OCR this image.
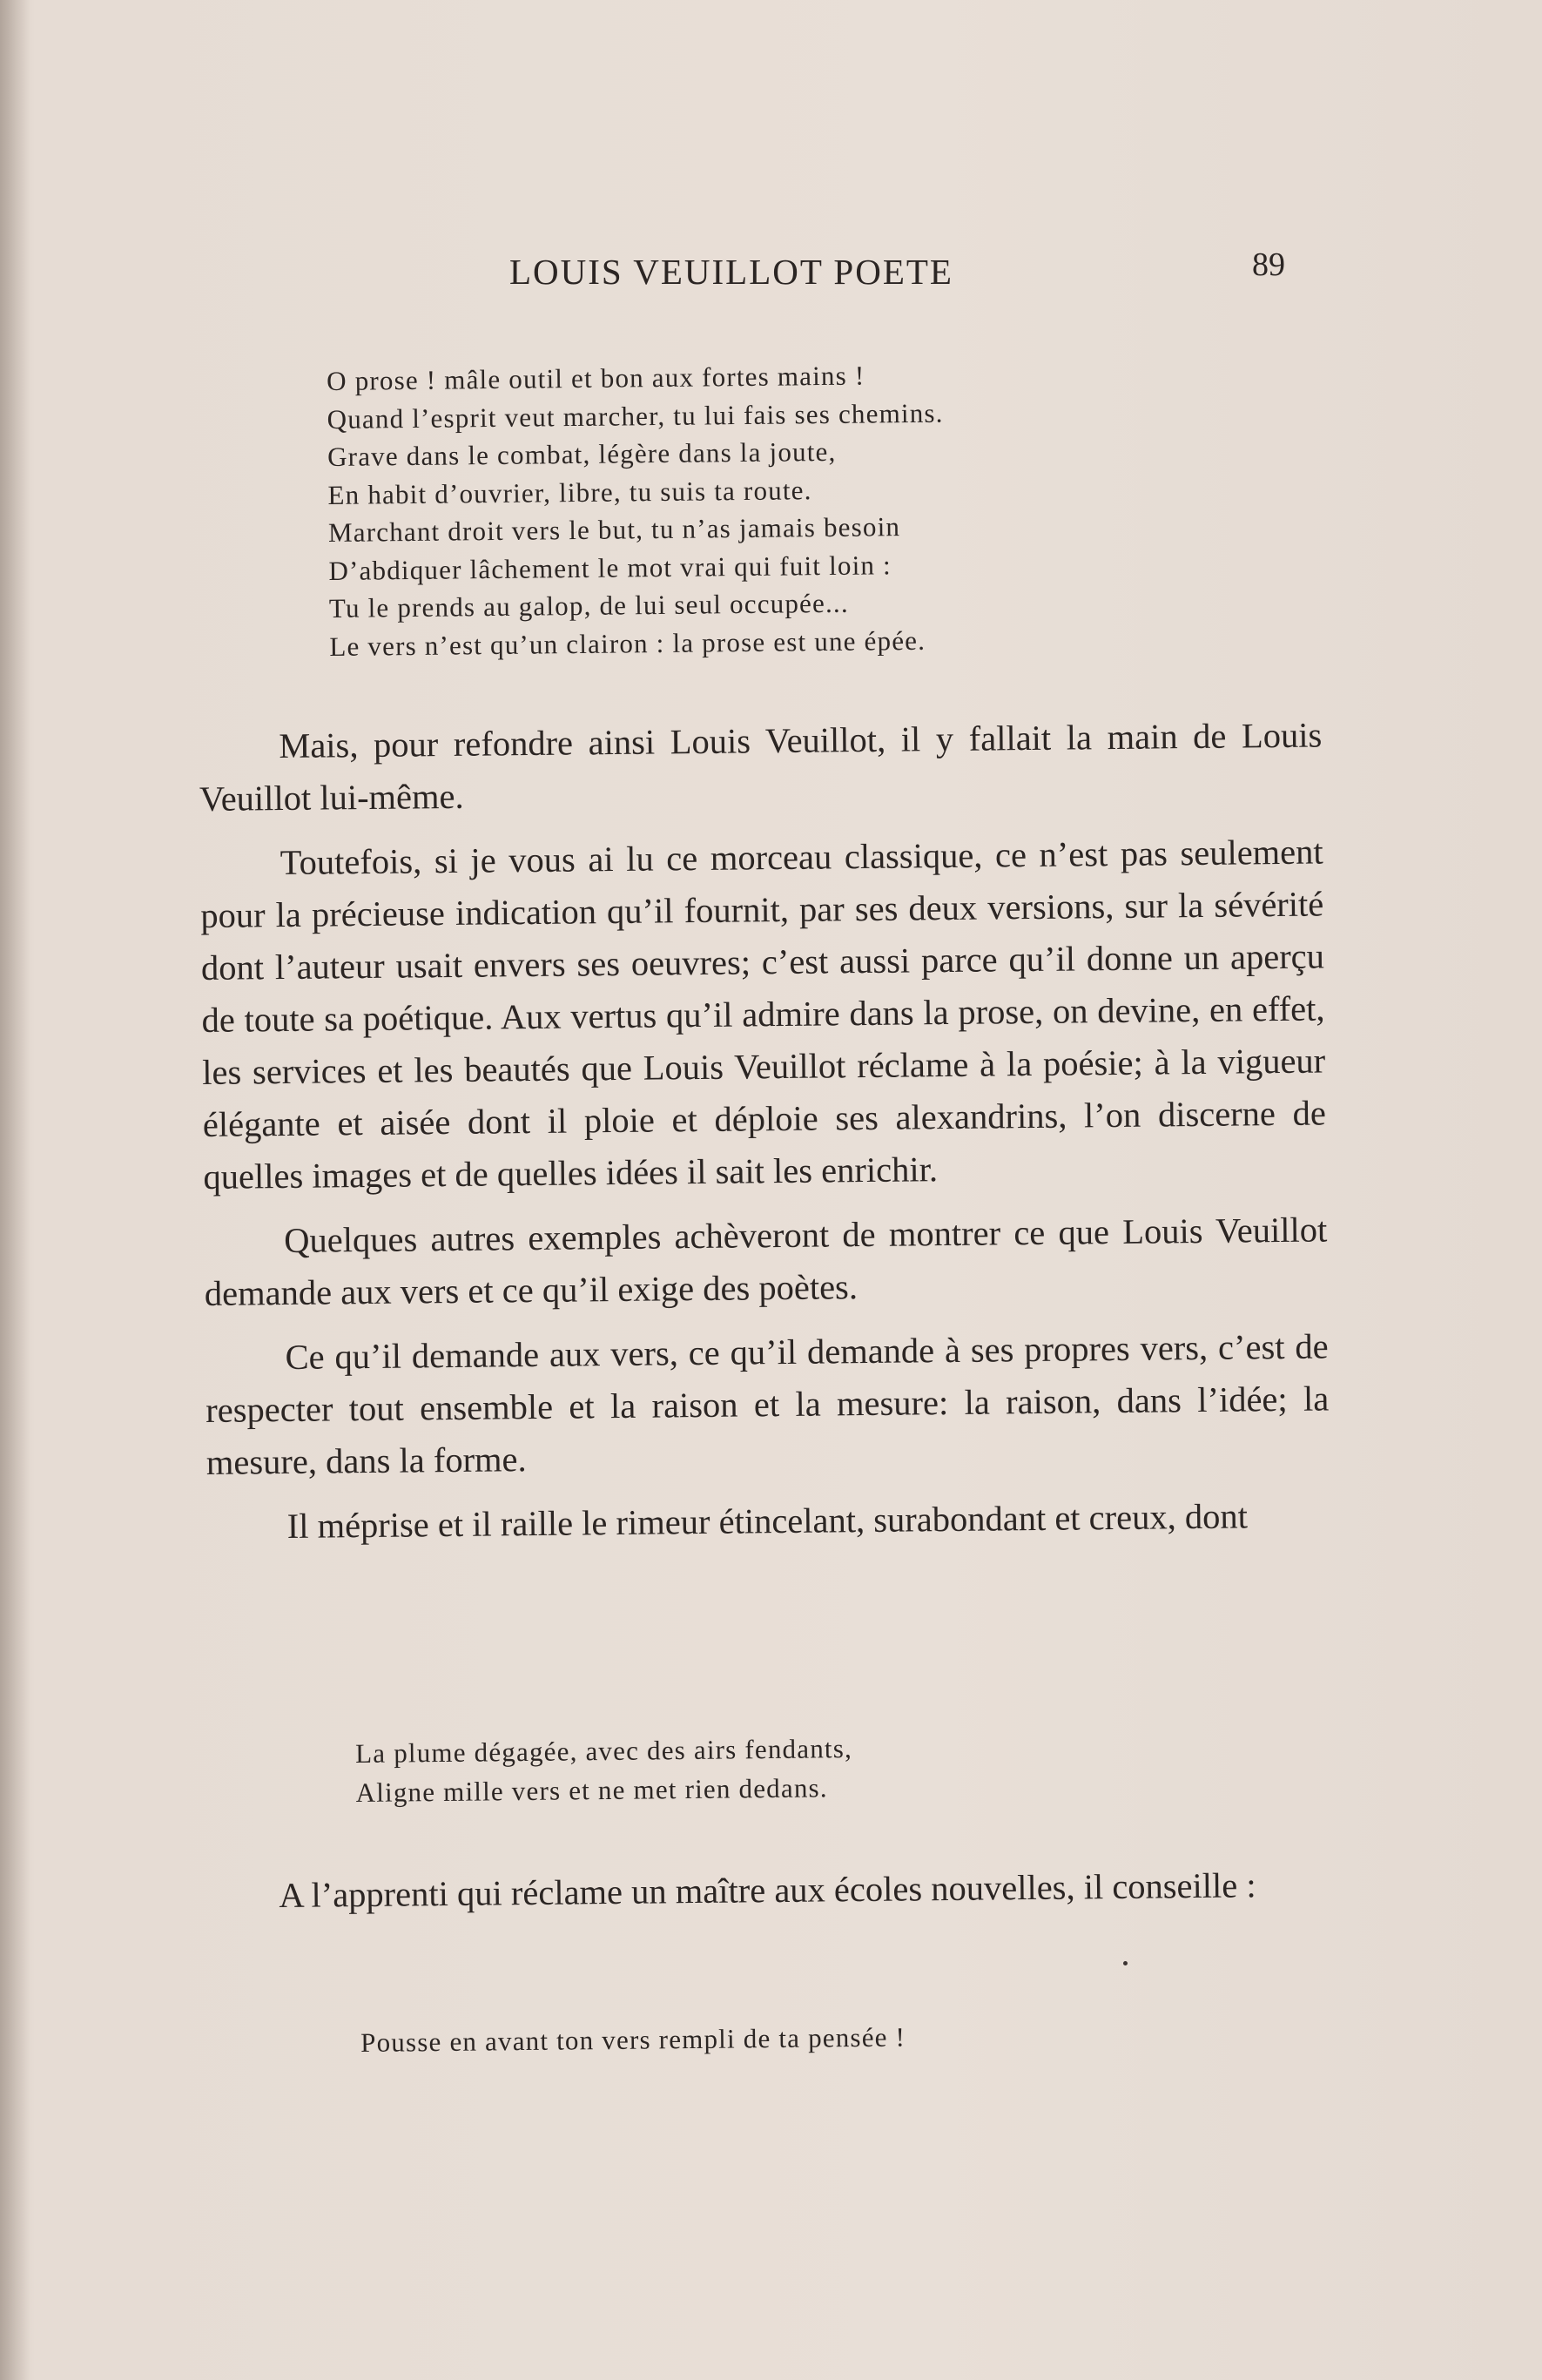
LOUIS VEUILLOT POETE	89
O prose ! mâle outil et bon aux fortes mains !
Quand l’esprit veut marcher, tu lui fais ses chemins.
Grave dans le combat, légère dans la joute,
En habit d’ouvrier, libre, tu suis ta route.
Marchant droit vers le but, tu n’as jamais besoin
D’abdiquer lâchement le mot vrai qui fuit loin :
Tu le prends au galop, de lui seul occupée...
Le vers n’est qu’un clairon : la prose est une épée.

Mais, pour refondre ainsi Louis Veuillot, il y fallait la main de Louis Veuillot lui-même.

Toutefois, si je vous ai lu ce morceau classique, ce n’est pas seulement pour la précieuse indication qu’il fournit, par ses deux versions, sur la sévérité dont l’auteur usait envers ses oeuvres; c’est aussi parce qu’il donne un aperçu de toute sa poétique. Aux vertus qu’il admire dans la prose, on devine, en effet, les services et les beautés que Louis Veuillot réclame à la poésie; à la vigueur élégante et aisée dont il ploie et déploie ses alexandrins, l’on discerne de quelles images et de quelles idées il sait les enrichir.

Quelques autres exemples achèveront de montrer ce que Louis Veuillot demande aux vers et ce qu’il exige des poètes.

Ce qu’il demande aux vers, ce qu’il demande à ses propres vers, c’est de respecter tout ensemble et la raison et la mesure: la raison, dans l’idée; la mesure, dans la forme.

Il méprise et il raille le rimeur étincelant, surabondant et creux, dont

La plume dégagée, avec des airs fendants,
Aligne mille vers et ne met rien dedans.

A l’apprenti qui réclame un maître aux écoles nouvelles, il conseille :

Pousse en avant ton vers rempli de ta pensée !
